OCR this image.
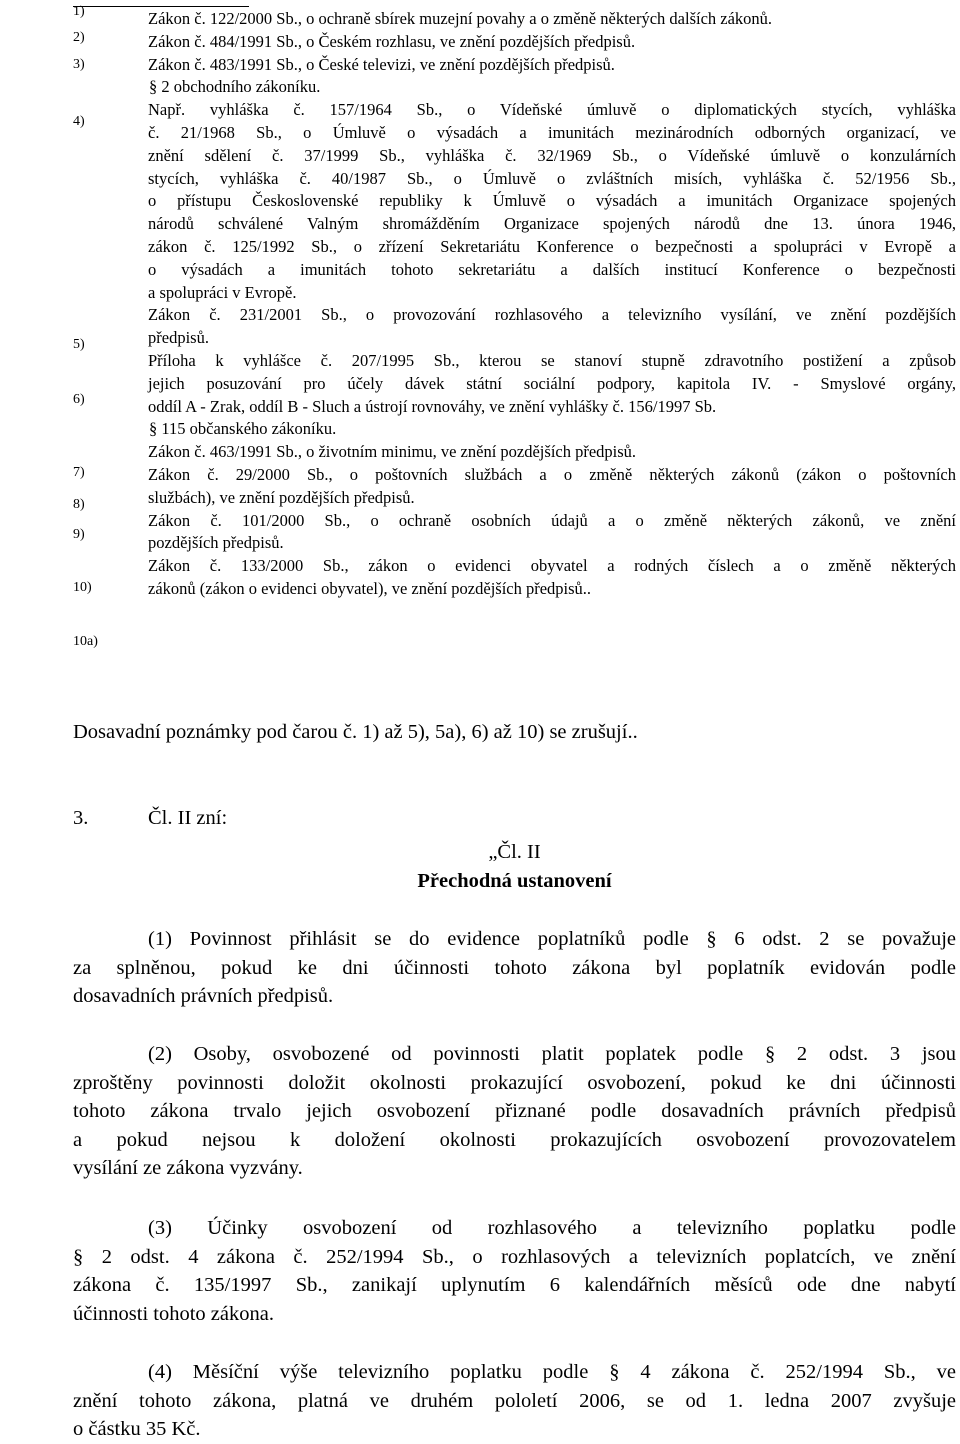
1)
2)
3)
4)
5)
6)
7)
8)
9)
10)
10a)
Zákon č. 122/2000 Sb., o ochraně sbírek muzejní povahy a o změně některých dalších zákonů.
Zákon č. 484/1991 Sb., o Českém rozhlasu, ve znění pozdějších předpisů.
Zákon č. 483/1991 Sb., o České televizi, ve znění pozdějších předpisů.
§ 2 obchodního zákoníku.
Např. vyhláška č. 157/1964 Sb., o Vídeňské úmluvě o diplomatických stycích, vyhláška
č. 21/1968 Sb., o Úmluvě o výsadách a imunitách mezinárodních odborných organizací, ve
znění sdělení č. 37/1999 Sb., vyhláška č. 32/1969 Sb., o Vídeňské úmluvě o konzulárních
stycích, vyhláška č. 40/1987 Sb., o Úmluvě o zvláštních misích, vyhláška č. 52/1956 Sb.,
o přístupu Československé republiky k Úmluvě o výsadách a imunitách Organizace spojených
národů schválené Valným shromážděním Organizace spojených národů dne 13. února 1946,
zákon č. 125/1992 Sb., o zřízení Sekretariátu Konference o bezpečnosti a spolupráci v Evropě a
o výsadách a imunitách tohoto sekretariátu a dalších institucí Konference o bezpečnosti
a spolupráci v Evropě.
Zákon č. 231/2001 Sb., o provozování rozhlasového a televizního vysílání, ve znění pozdějších
předpisů.
Příloha k vyhlášce č. 207/1995 Sb., kterou se stanoví stupně zdravotního postižení a způsob
jejich posuzování pro účely dávek státní sociální podpory, kapitola IV. - Smyslové orgány,
oddíl A - Zrak, oddíl B - Sluch a ústrojí rovnováhy, ve znění vyhlášky č. 156/1997 Sb.
§ 115 občanského zákoníku.
Zákon č. 463/1991 Sb., o životním minimu, ve znění pozdějších předpisů.
Zákon č. 29/2000 Sb., o poštovních službách a o změně některých zákonů (zákon o poštovních
službách), ve znění pozdějších předpisů.
Zákon č. 101/2000 Sb., o ochraně osobních údajů a o změně některých zákonů, ve znění
pozdějších předpisů.
Zákon č. 133/2000 Sb., zákon o evidenci obyvatel a rodných číslech a o změně některých
zákonů (zákon o evidenci obyvatel), ve znění pozdějších předpisů..
Dosavadní poznámky pod čarou č. 1) až 5), 5a), 6) až 10) se zrušují..
3.	Čl. II zní:
„Čl. II
Přechodná ustanovení
(1) Povinnost přihlásit se do evidence poplatníků podle § 6 odst. 2 se považuje
za splněnou, pokud ke dni účinnosti tohoto zákona byl poplatník evidován podle
dosavadních právních předpisů.
(2) Osoby, osvobozené od povinnosti platit poplatek podle § 2 odst. 3 jsou
zproštěny povinnosti doložit okolnosti prokazující osvobození, pokud ke dni účinnosti
tohoto zákona trvalo jejich osvobození přiznané podle dosavadních právních předpisů
a pokud nejsou k doložení okolnosti prokazujících osvobození provozovatelem
vysílání ze zákona vyzvány.
(3) Účinky osvobození od rozhlasového a televizního poplatku podle
§ 2 odst. 4 zákona č. 252/1994 Sb., o rozhlasových a televizních poplatcích, ve znění
zákona č. 135/1997 Sb., zanikají uplynutím 6 kalendářních měsíců ode dne nabytí
účinnosti tohoto zákona.
(4) Měsíční výše televizního poplatku podle § 4 zákona č. 252/1994 Sb., ve
znění tohoto zákona, platná ve druhém pololetí 2006, se od 1. ledna 2007 zvyšuje
o částku 35 Kč.
